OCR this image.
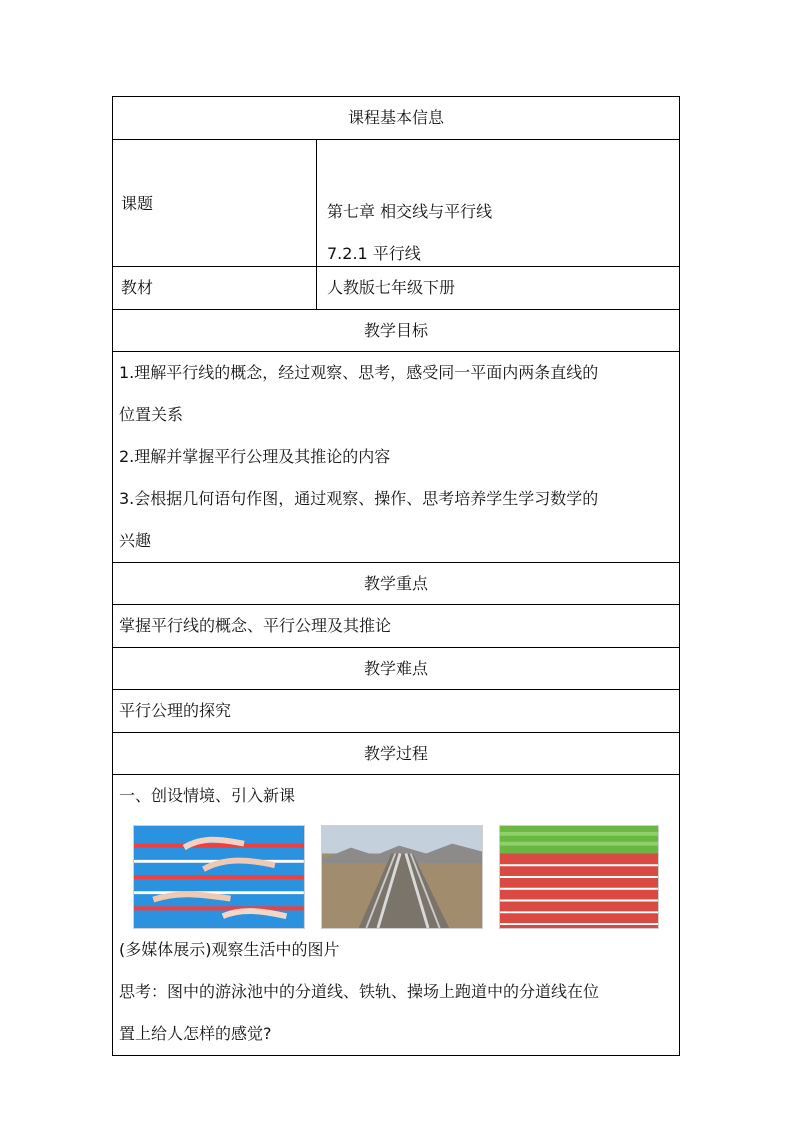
课程基本信息
课题	第七章 相交线与平行线
7.2.1 平行线
教材	人教版七年级下册
教学目标
1.理解平行线的概念，经过观察、思考，感受同一平面内两条直线的
位置关系
2.理解并掌握平行公理及其推论的内容
3.会根据几何语句作图，通过观察、操作、思考培养学生学习数学的
兴趣
教学重点
掌握平行线的概念、平行公理及其推论
教学难点
平行公理的探究
教学过程
一、创设情境、引入新课
(多媒体展示)观察生活中的图片
思考：图中的游泳池中的分道线、铁轨、操场上跑道中的分道线在位
置上给人怎样的感觉?
